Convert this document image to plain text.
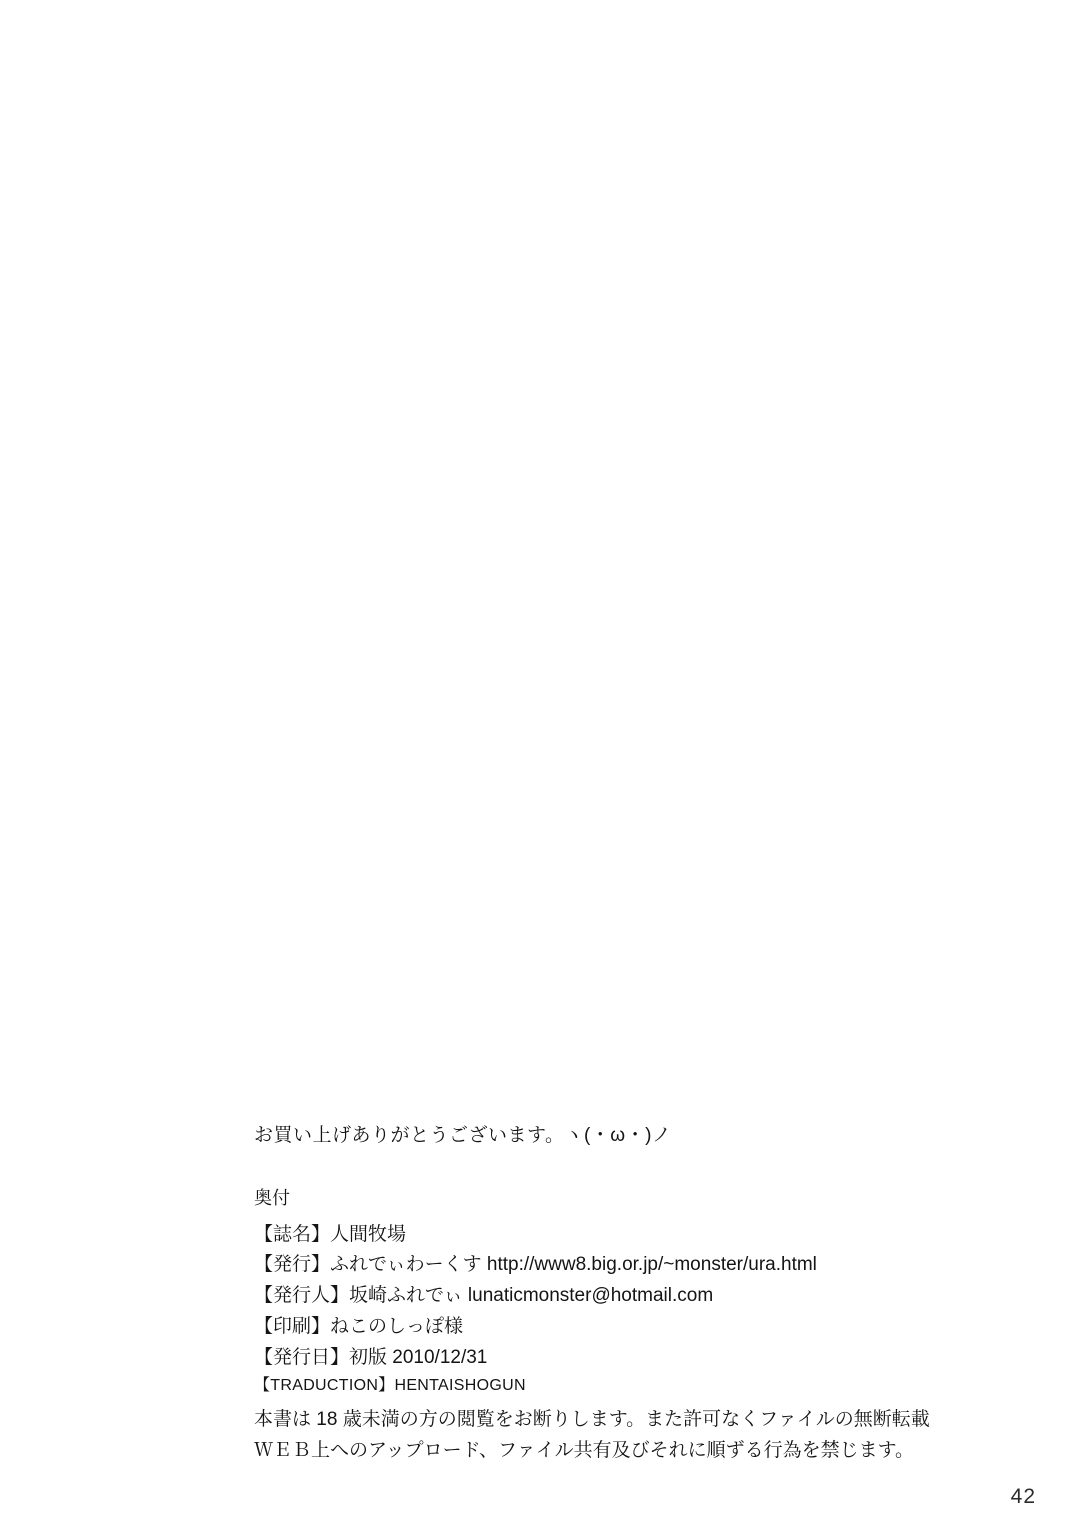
お買い上げありがとうございます。ヽ(・ω・)ノ
奥付
【誌名】人間牧場
【発行】ふれでぃわーくす http://www8.big.or.jp/~monster/ura.html
【発行人】坂崎ふれでぃ lunaticmonster@hotmail.com
【印刷】ねこのしっぽ様
【発行日】初版 2010/12/31
【TRADUCTION】HENTAISHOGUN
本書は 18 歳未満の方の閲覧をお断りします。また許可なくファイルの無断転載
ＷＥＢ上へのアップロード、ファイル共有及びそれに順ずる行為を禁じます。
42
